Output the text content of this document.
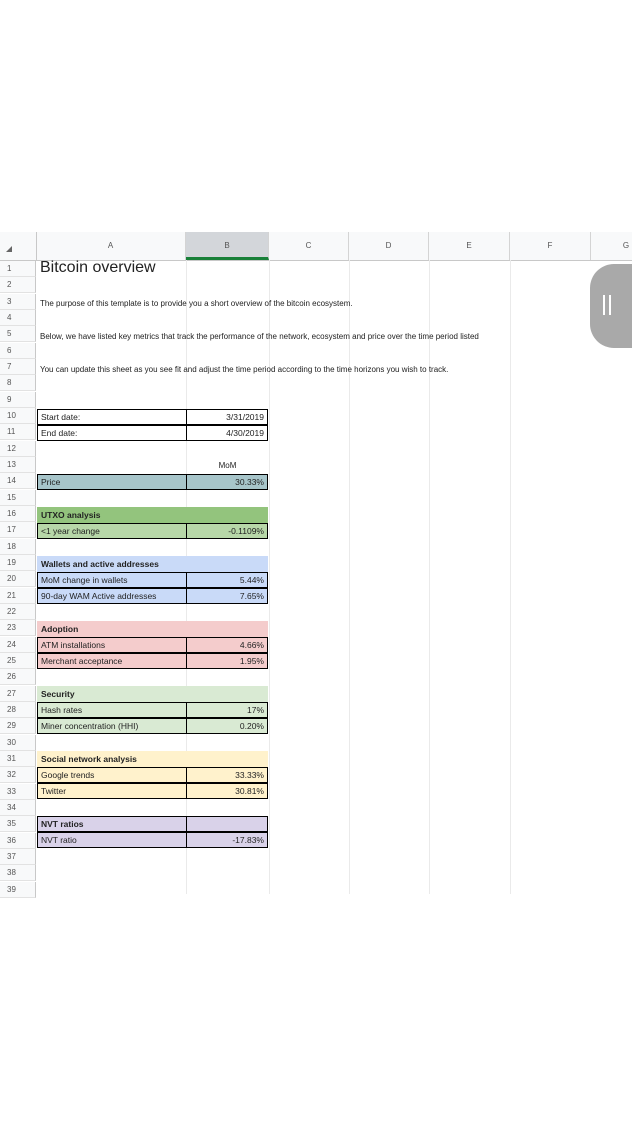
A	B	C	D	E	F	G
1
2
3
4
5
6
7
8
9
10
11
12
13
14
15
16
17
18
19
20
21
22
23
24
25
26
27
28
29
30
31
32
33
34
35
36
37
38
39
Bitcoin overview
The purpose of this template is to provide you a short overview of the bitcoin ecosystem.
Below, we have listed key metrics that track the performance of the network, ecosystem and price over the time period listed
You can update this sheet as you see fit and adjust the time period according to the time horizons you wish to track.
Start date:	3/31/2019
End date:	4/30/2019
MoM
Price	30.33%
UTXO analysis
<1 year change	-0.1109%
Wallets and active addresses
MoM change in wallets	5.44%
90-day WAM Active addresses	7.65%
Adoption
ATM installations	4.66%
Merchant acceptance	1.95%
Security
Hash rates	17%
Miner concentration (HHI)	0.20%
Social network analysis
Google trends	33.33%
Twitter	30.81%
NVT ratios
NVT ratio	-17.83%
